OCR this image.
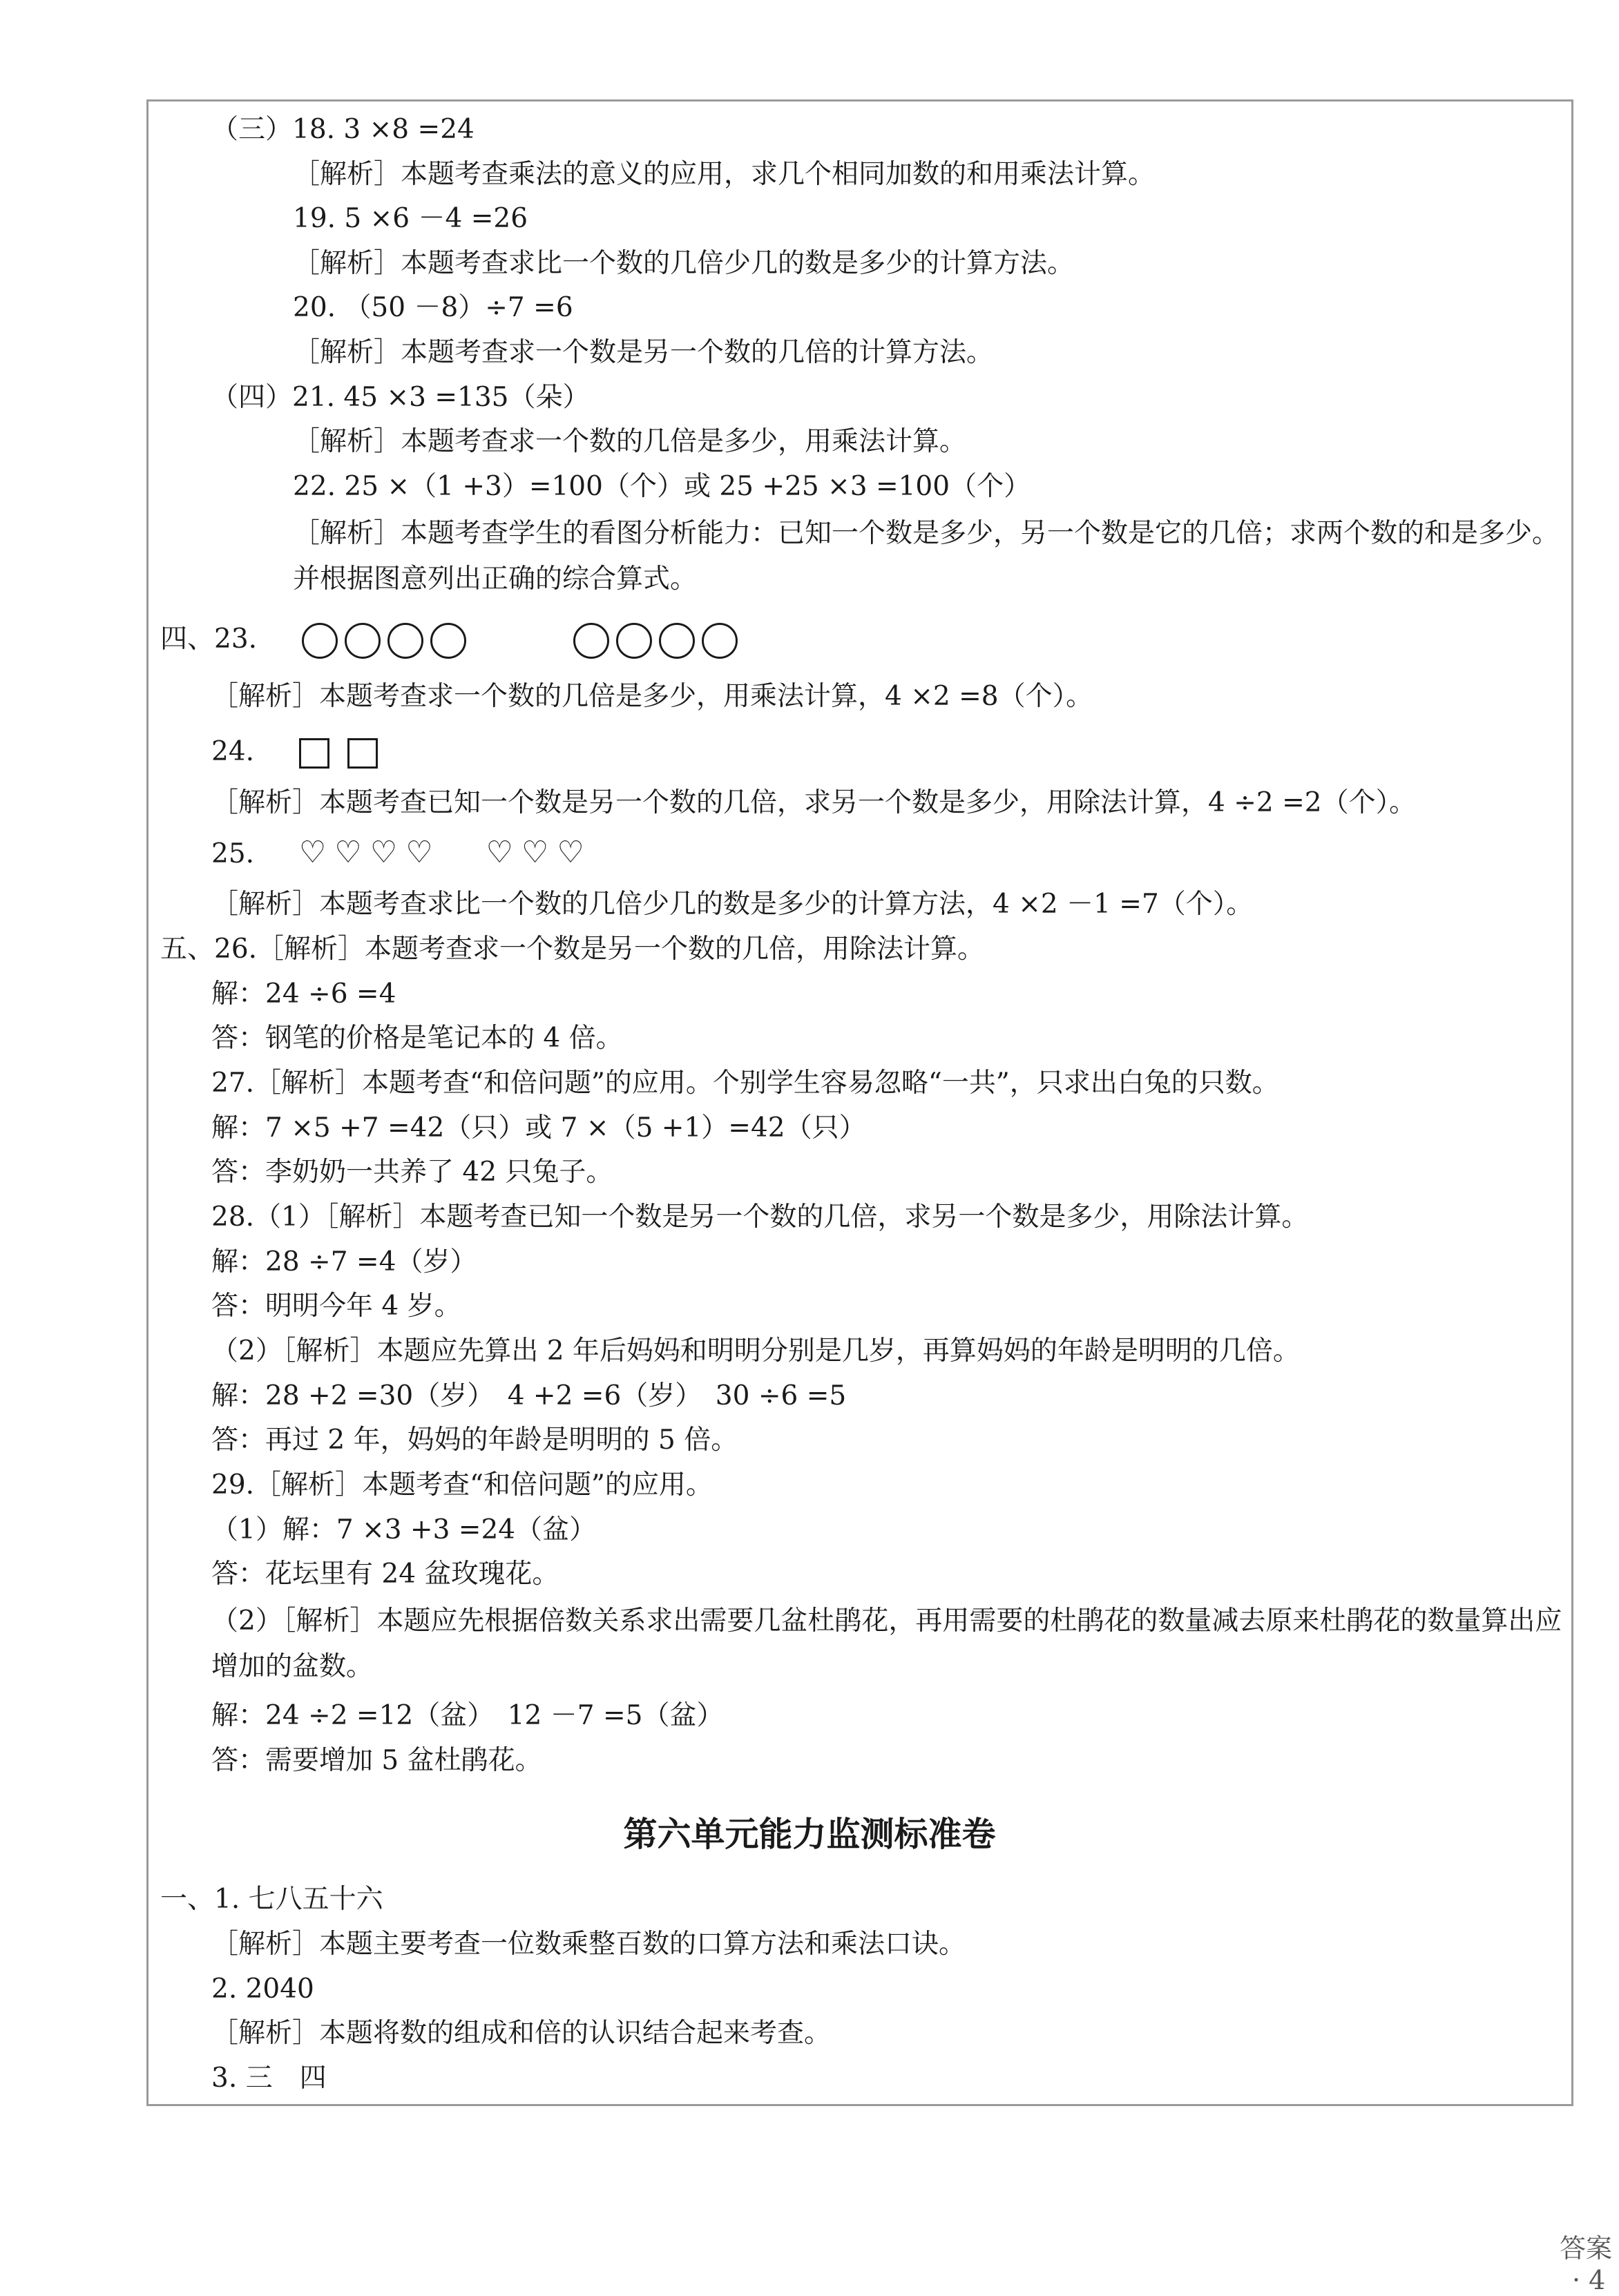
（三）18. 3 ×8 =24
［解析］本题考查乘法的意义的应用，求几个相同加数的和用乘法计算。
19. 5 ×6 －4 =26
［解析］本题考查求比一个数的几倍少几的数是多少的计算方法。
20. （50 －8）÷7 =6
［解析］本题考查求一个数是另一个数的几倍的计算方法。
（四）21. 45 ×3 =135（朵）
［解析］本题考查求一个数的几倍是多少，用乘法计算。
22. 25 ×（1 +3）=100（个）或 25 +25 ×3 =100（个）
［解析］本题考查学生的看图分析能力：已知一个数是多少，另一个数是它的几倍；求两个数的和是多少。并根据图意列出正确的综合算式。
四、23.
［解析］本题考查求一个数的几倍是多少，用乘法计算，4 ×2 =8（个）。
24.
［解析］本题考查已知一个数是另一个数的几倍，求另一个数是多少，用除法计算，4 ÷2 =2（个）。
25. ♡ ♡ ♡ ♡ ♡ ♡ ♡
［解析］本题考查求比一个数的几倍少几的数是多少的计算方法，4 ×2 －1 =7（个）。
五、26.［解析］本题考查求一个数是另一个数的几倍，用除法计算。
解：24 ÷6 =4
答：钢笔的价格是笔记本的 4 倍。
27.［解析］本题考查“和倍问题”的应用。个别学生容易忽略“一共”，只求出白兔的只数。
解：7 ×5 +7 =42（只）或 7 ×（5 +1）=42（只）
答：李奶奶一共养了 42 只兔子。
28.（1）［解析］本题考查已知一个数是另一个数的几倍，求另一个数是多少，用除法计算。
解：28 ÷7 =4（岁）
答：明明今年 4 岁。
（2）［解析］本题应先算出 2 年后妈妈和明明分别是几岁，再算妈妈的年龄是明明的几倍。
解：28 +2 =30（岁）　4 +2 =6（岁）　30 ÷6 =5
答：再过 2 年，妈妈的年龄是明明的 5 倍。
29.［解析］本题考查“和倍问题”的应用。
（1）解：7 ×3 +3 =24（盆）
答：花坛里有 24 盆玫瑰花。
（2）［解析］本题应先根据倍数关系求出需要几盆杜鹃花，再用需要的杜鹃花的数量减去原来杜鹃花的数量算出应增加的盆数。
解：24 ÷2 =12（盆）　12 －7 =5（盆）
答：需要增加 5 盆杜鹃花。
第六单元能力监测标准卷
一、1. 七八五十六
［解析］本题主要考查一位数乘整百数的口算方法和乘法口诀。
2. 2040
［解析］本题将数的组成和倍的认识结合起来考查。
3. 三　四
答案
· 4
